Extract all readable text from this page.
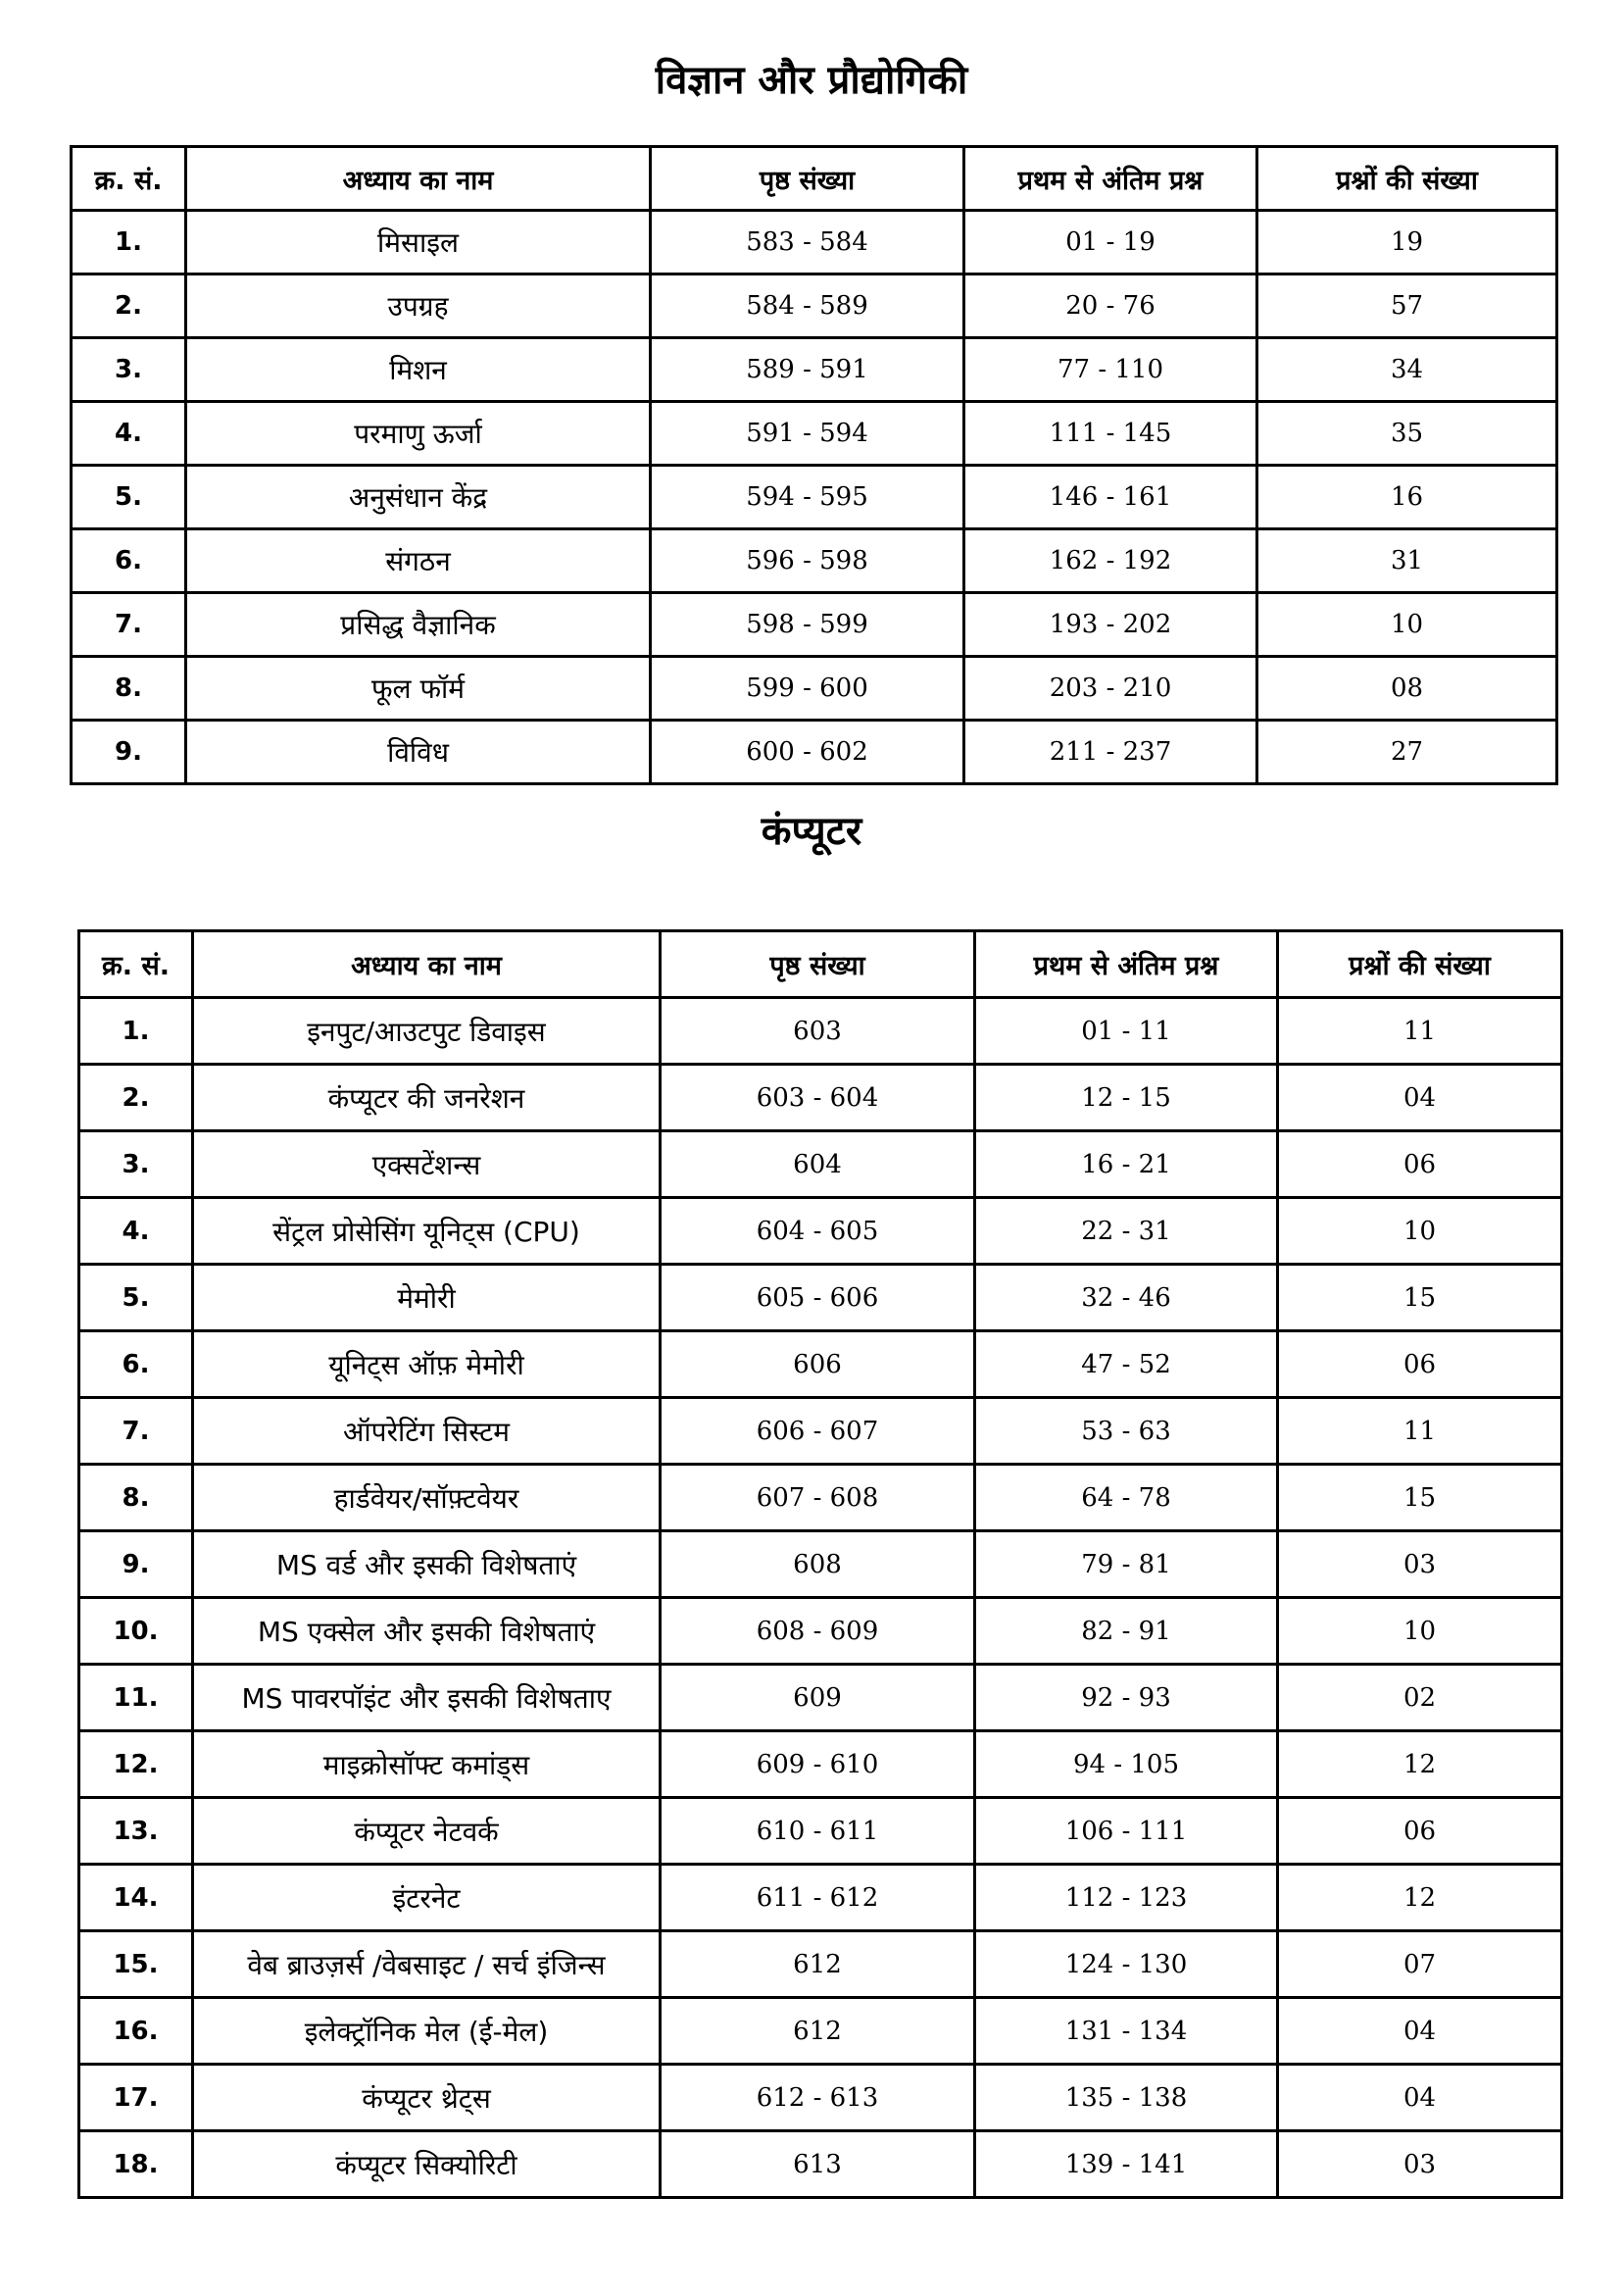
विज्ञान और प्रौद्योगिकी
क्र. सं.	अध्याय का नाम	पृष्ठ संख्या	प्रथम से अंतिम प्रश्न	प्रश्नों की संख्या
1.	मिसाइल	583 - 584	01 - 19	19
2.	उपग्रह	584 - 589	20 - 76	57
3.	मिशन	589 - 591	77 - 110	34
4.	परमाणु ऊर्जा	591 - 594	111 - 145	35
5.	अनुसंधान केंद्र	594 - 595	146 - 161	16
6.	संगठन	596 - 598	162 - 192	31
7.	प्रसिद्ध वैज्ञानिक	598 - 599	193 - 202	10
8.	फूल फॉर्म	599 - 600	203 - 210	08
9.	विविध	600 - 602	211 - 237	27
कंप्यूटर
क्र. सं.	अध्याय का नाम	पृष्ठ संख्या	प्रथम से अंतिम प्रश्न	प्रश्नों की संख्या
1.	इनपुट/आउटपुट डिवाइस	603	01 - 11	11
2.	कंप्यूटर की जनरेशन	603 - 604	12 - 15	04
3.	एक्सटेंशन्स	604	16 - 21	06
4.	सेंट्रल प्रोसेसिंग यूनिट्स (CPU)	604 - 605	22 - 31	10
5.	मेमोरी	605 - 606	32 - 46	15
6.	यूनिट्स ऑफ़ मेमोरी	606	47 - 52	06
7.	ऑपरेटिंग सिस्टम	606 - 607	53 - 63	11
8.	हार्डवेयर/सॉफ़्टवेयर	607 - 608	64 - 78	15
9.	MS वर्ड और इसकी विशेषताएं	608	79 - 81	03
10.	MS एक्सेल और इसकी विशेषताएं	608 - 609	82 - 91	10
11.	MS पावरपॉइंट और इसकी विशेषताए	609	92 - 93	02
12.	माइक्रोसॉफ्ट कमांड्स	609 - 610	94 - 105	12
13.	कंप्यूटर नेटवर्क	610 - 611	106 - 111	06
14.	इंटरनेट	611 - 612	112 - 123	12
15.	वेब ब्राउज़र्स /वेबसाइट / सर्च इंजिन्स	612	124 - 130	07
16.	इलेक्ट्रॉनिक मेल (ई-मेल)	612	131 - 134	04
17.	कंप्यूटर थ्रेट्स	612 - 613	135 - 138	04
18.	कंप्यूटर सिक्योरिटी	613	139 - 141	03
